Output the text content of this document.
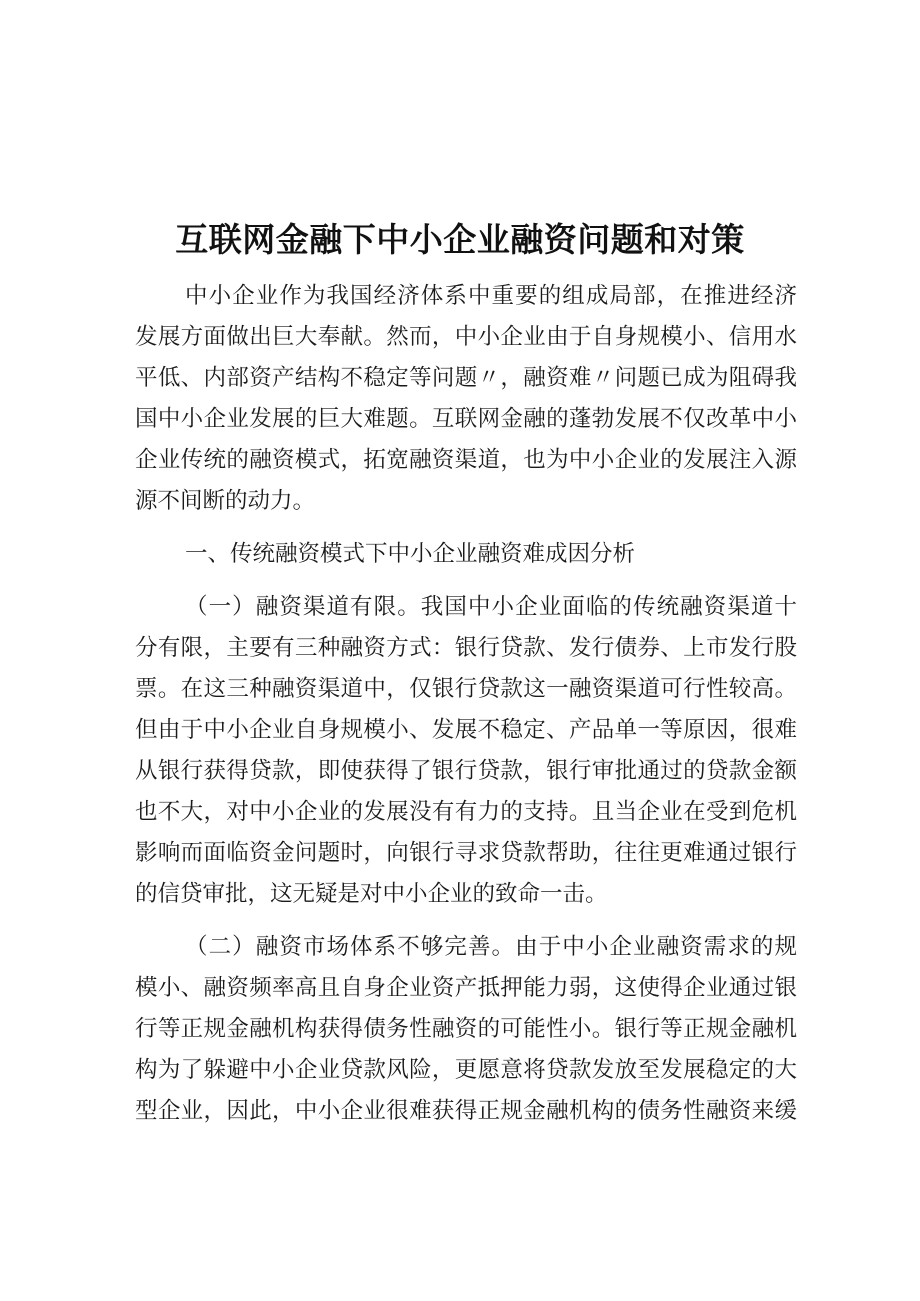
互联网金融下中小企业融资问题和对策
中小企业作为我国经济体系中重要的组成局部，在推进经济
发展方面做出巨大奉献。然而，中小企业由于自身规模小、信用水
平低、内部资产结构不稳定等问题〃，融资难〃问题已成为阻碍我
国中小企业发展的巨大难题。互联网金融的蓬勃发展不仅改革中小
企业传统的融资模式，拓宽融资渠道，也为中小企业的发展注入源
源不间断的动力。
一、传统融资模式下中小企业融资难成因分析
（一）融资渠道有限。我国中小企业面临的传统融资渠道十
分有限，主要有三种融资方式：银行贷款、发行债券、上市发行股
票。在这三种融资渠道中，仅银行贷款这一融资渠道可行性较高。
但由于中小企业自身规模小、发展不稳定、产品单一等原因，很难
从银行获得贷款，即使获得了银行贷款，银行审批通过的贷款金额
也不大，对中小企业的发展没有有力的支持。且当企业在受到危机
影响而面临资金问题时，向银行寻求贷款帮助，往往更难通过银行
的信贷审批，这无疑是对中小企业的致命一击。
（二）融资市场体系不够完善。由于中小企业融资需求的规
模小、融资频率高且自身企业资产抵押能力弱，这使得企业通过银
行等正规金融机构获得债务性融资的可能性小。银行等正规金融机
构为了躲避中小企业贷款风险，更愿意将贷款发放至发展稳定的大
型企业，因此，中小企业很难获得正规金融机构的债务性融资来缓
